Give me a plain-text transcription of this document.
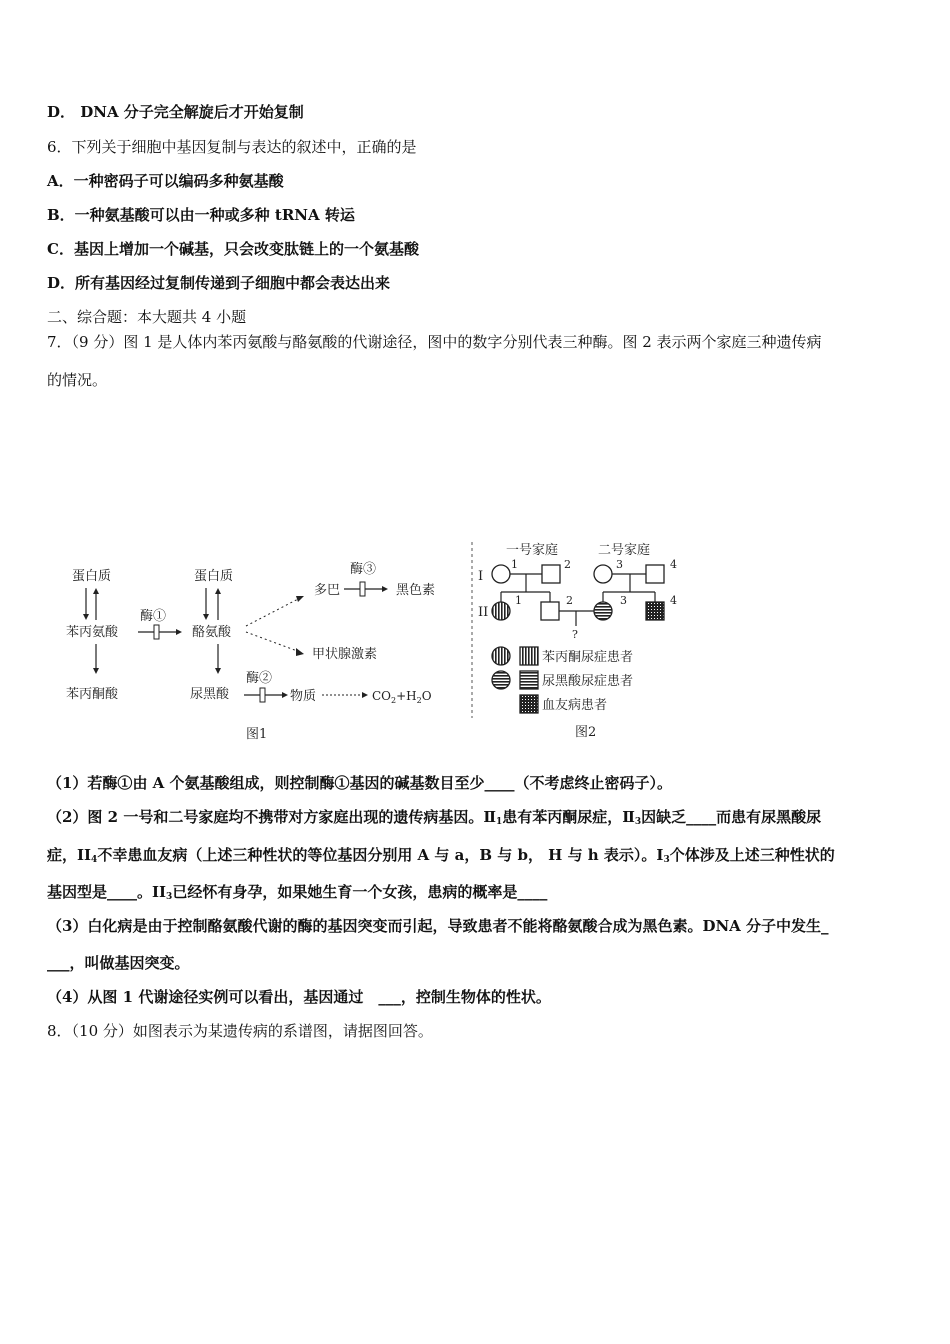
D． DNA 分子完全解旋后才开始复制
6．下列关于细胞中基因复制与表达的叙述中，正确的是
A．一种密码子可以编码多种氨基酸
B．一种氨基酸可以由一种或多种 tRNA 转运
C．基因上增加一个碱基，只会改变肽链上的一个氨基酸
D．所有基因经过复制传递到子细胞中都会表达出来
二、综合题：本大题共 4 小题
7．（9 分）图 1 是人体内苯丙氨酸与酪氨酸的代谢途径，图中的数字分别代表三种酶。图 2 表示两个家庭三种遗传病
的情况。
蛋白质
苯丙氨酸
苯丙酮酸
酶①
蛋白质
酪氨酸
尿黑酸
酶③
多巴	黑色素
甲状腺激素
酶②
物质	$CO_2+H_2O$
图1
一号家庭	二号家庭
I
II
1	2	3	4
1	2	3	4
?
苯丙酮尿症患者
尿黑酸尿症患者
血友病患者
图2
（1）若酶①由 A 个氨基酸组成，则控制酶①基因的碱基数目至少____（不考虑终止密码子）。
（2）图 2 一号和二号家庭均不携带对方家庭出现的遗传病基因。$Ⅱ_1$患有苯丙酮尿症，$Ⅱ_3$因缺乏____而患有尿黑酸尿
症，$II_4$不幸患血友病（上述三种性状的等位基因分别用 A 与 a，B 与 b， H 与 h 表示）。$I_3$个体涉及上述三种性状的
基因型是____。$II_3$已经怀有身孕，如果她生育一个女孩，患病的概率是____
（3）白化病是由于控制酪氨酸代谢的酶的基因突变而引起，导致患者不能将酪氨酸合成为黑色素。DNA 分子中发生_
___，叫做基因突变。
（4）从图 1 代谢途径实例可以看出，基因通过　___，控制生物体的性状。
8．（10 分）如图表示为某遗传病的系谱图，请据图回答。
